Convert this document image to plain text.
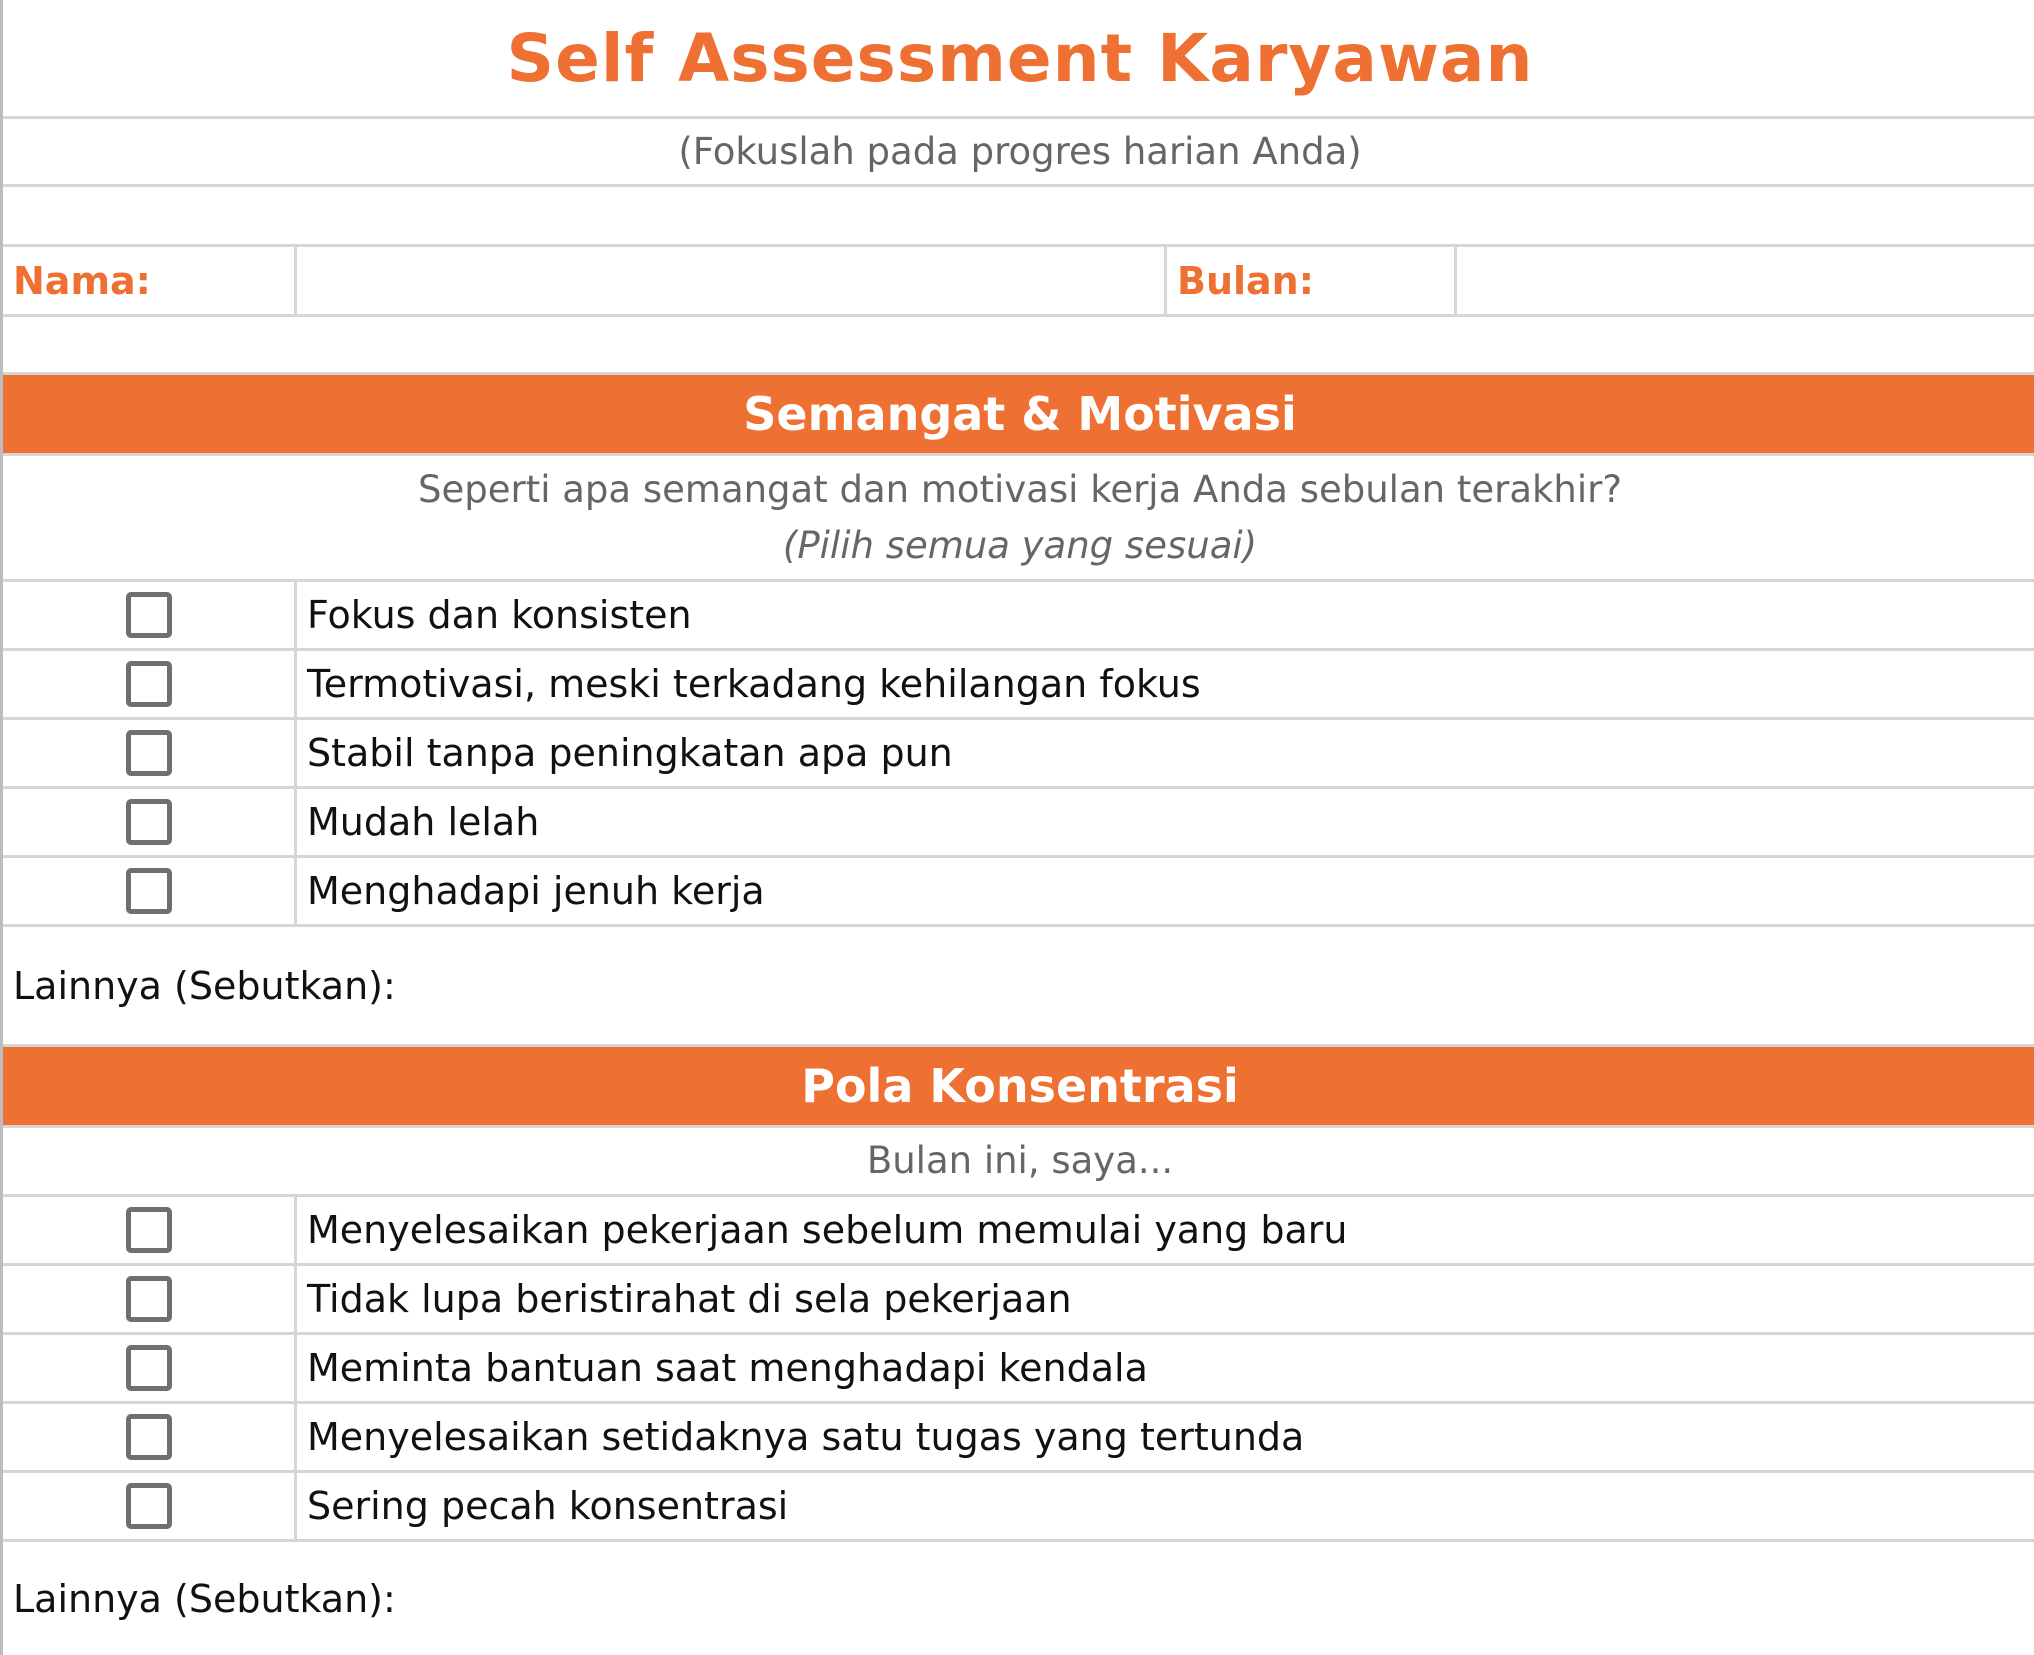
Self Assessment Karyawan
(Fokuslah pada progres harian Anda)
Nama:	Bulan:
Semangat & Motivasi
Seperti apa semangat dan motivasi kerja Anda sebulan terakhir?
(Pilih semua yang sesuai)
Fokus dan konsisten
Termotivasi, meski terkadang kehilangan fokus
Stabil tanpa peningkatan apa pun
Mudah lelah
Menghadapi jenuh kerja
Lainnya (Sebutkan):
Pola Konsentrasi
Bulan ini, saya...
Menyelesaikan pekerjaan sebelum memulai yang baru
Tidak lupa beristirahat di sela pekerjaan
Meminta bantuan saat menghadapi kendala
Menyelesaikan setidaknya satu tugas yang tertunda
Sering pecah konsentrasi
Lainnya (Sebutkan):
